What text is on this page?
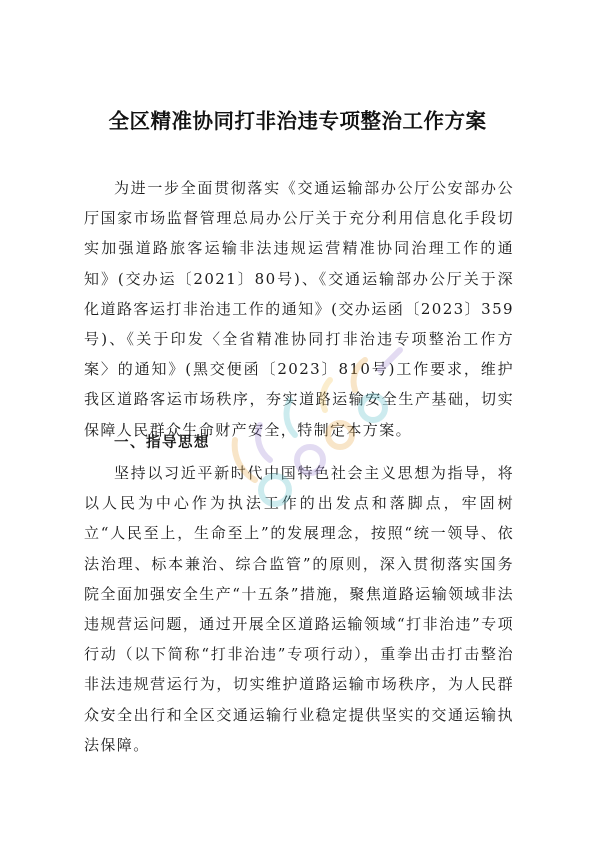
全区精准协同打非治违专项整治工作方案

为进一步全面贯彻落实《交通运输部办公厅公安部办公厅国家市场监督管理总局办公厅关于充分利用信息化手段切实加强道路旅客运输非法违规运营精准协同治理工作的通知》(交办运〔2021〕80号)、《交通运输部办公厅关于深化道路客运打非治违工作的通知》(交办运函〔2023〕359号)、《关于印发〈全省精准协同打非治违专项整治工作方案〉的通知》(黑交便函〔2023〕810号)工作要求，维护我区道路客运市场秩序，夯实道路运输安全生产基础，切实保障人民群众生命财产安全，特制定本方案。

一、指导思想

坚持以习近平新时代中国特色社会主义思想为指导，将以人民为中心作为执法工作的出发点和落脚点，牢固树立“人民至上，生命至上”的发展理念，按照“统一领导、依法治理、标本兼治、综合监管”的原则，深入贯彻落实国务院全面加强安全生产“十五条”措施，聚焦道路运输领域非法违规营运问题，通过开展全区道路运输领域“打非治违”专项行动（以下简称“打非治违”专项行动），重拳出击打击整治非法违规营运行为，切实维护道路运输市场秩序，为人民群众安全出行和全区交通运输行业稳定提供坚实的交通运输执法保障。
